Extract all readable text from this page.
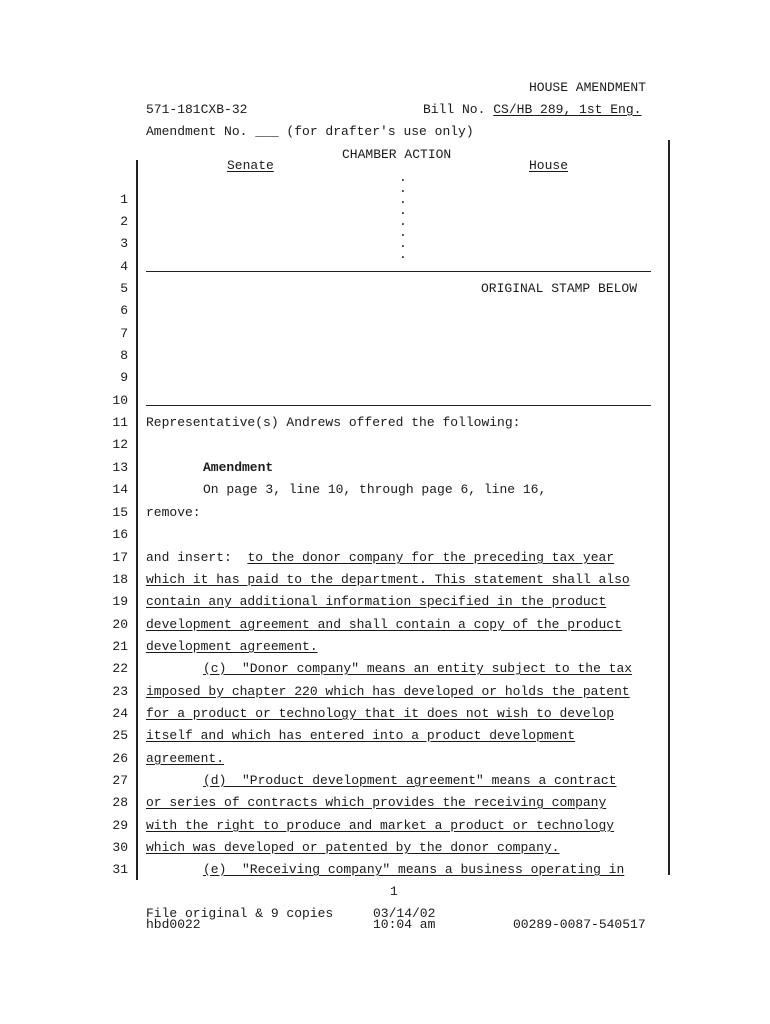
HOUSE AMENDMENT
571-181CXB-32	Bill No. CS/HB 289, 1st Eng.
Amendment No. ___ (for drafter's use only)
CHAMBER ACTION
Senate	House
.
.
.
.
.
.
.
.
ORIGINAL STAMP BELOW
1
2
3
4
5
6
7
8
9
10
11
12
13
14
15
16
17
18
19
20
21
22
23
24
25
26
27
28
29
30
31
Representative(s) Andrews offered the following:
Amendment
On page 3, line 10, through page 6, line 16,
remove:
and insert: to the donor company for the preceding tax year
which it has paid to the department. This statement shall also
contain any additional information specified in the product
development agreement and shall contain a copy of the product
development agreement.
(c)  "Donor company" means an entity subject to the tax
imposed by chapter 220 which has developed or holds the patent
for a product or technology that it does not wish to develop
itself and which has entered into a product development
agreement.
(d)  "Product development agreement" means a contract
or series of contracts which provides the receiving company
with the right to produce and market a product or technology
which was developed or patented by the donor company.
(e)  "Receiving company" means a business operating in
1
File original & 9 copies
hbd0022
03/14/02
10:04 am	00289-0087-540517
